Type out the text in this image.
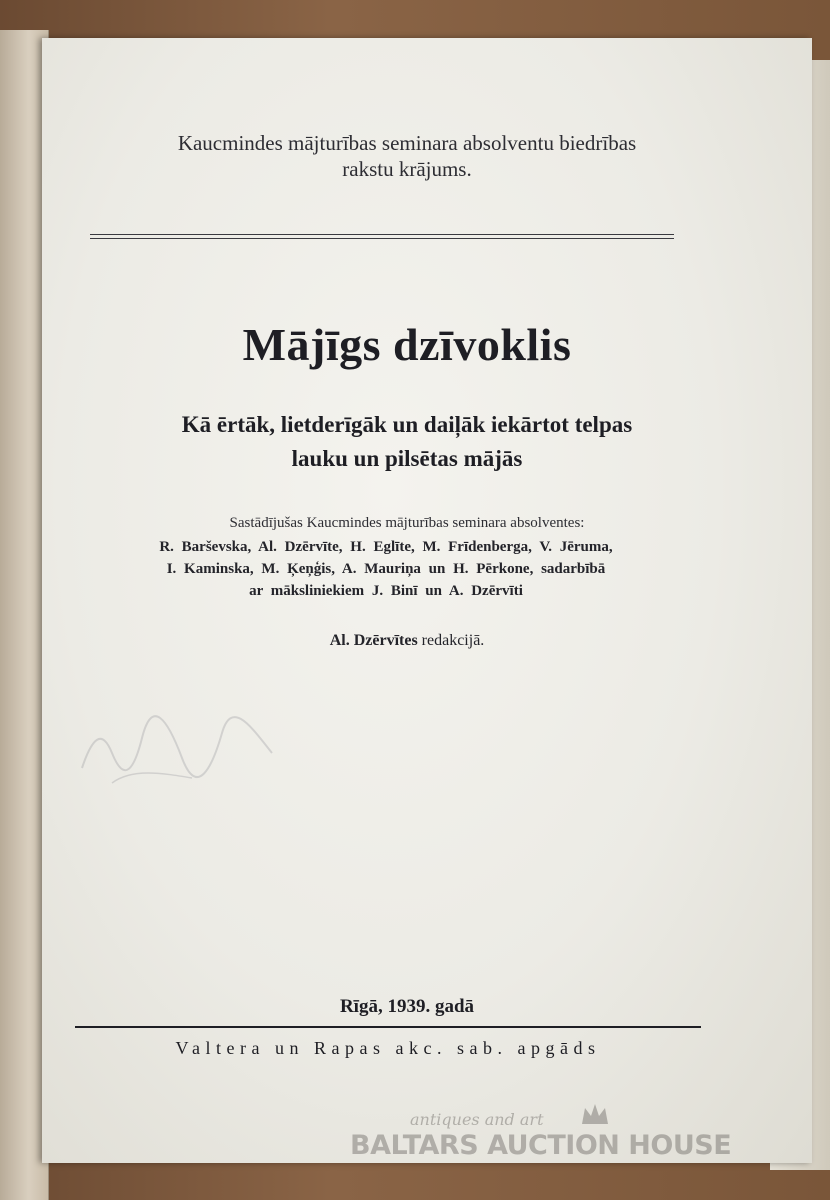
Kaucmindes mājturības seminara absolventu biedrības
rakstu krājums.
Mājīgs dzīvoklis
Kā ērtāk, lietderīgāk un daiļāk iekārtot telpas
lauku un pilsētas mājās
Sastādījušas Kaucmindes mājturības seminara absolventes:
R. Barševska, Al. Dzērvīte, H. Eglīte, M. Frīdenberga, V. Jēruma,
I. Kaminska, M. Ķeņģis, A. Mauriņa un H. Pērkone, sadarbībā
ar māksliniekiem J. Binī un A. Dzērvīti
Al. Dzērvītes redakcijā.
Rīgā, 1939. gadā
Valtera un Rapas akc. sab. apgāds
antiques and art
BALTARS AUCTION HOUSE
